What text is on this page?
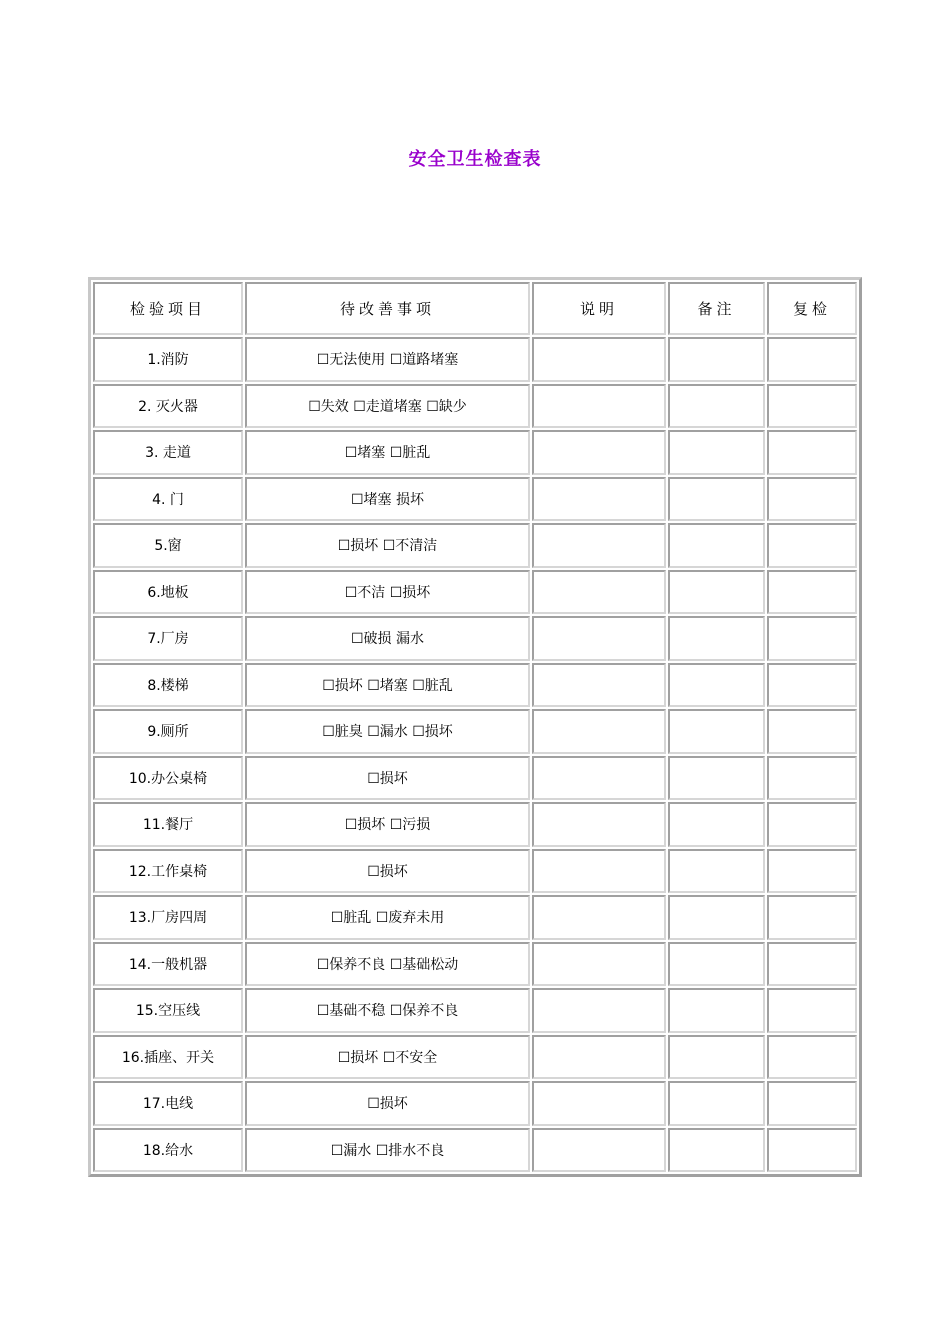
安全卫生检查表
检验项目	待改善事项	说明	备注	复检
1.消防	☐无法使用 ☐道路堵塞			
2. 灭火器	☐失效 ☐走道堵塞 ☐缺少			
3. 走道	☐堵塞 ☐脏乱			
4. 门	☐堵塞 损坏			
5.窗	☐损坏 ☐不清洁			
6.地板	☐不洁 ☐损坏			
7.厂房	☐破损 漏水			
8.楼梯	☐损坏 ☐堵塞 ☐脏乱			
9.厕所	☐脏臭 ☐漏水 ☐损坏			
10.办公桌椅	☐损坏			
11.餐厅	☐损坏 ☐污损			
12.工作桌椅	☐损坏			
13.厂房四周	☐脏乱 ☐废弃未用			
14.一般机器	☐保养不良 ☐基础松动			
15.空压线	☐基础不稳 ☐保养不良			
16.插座、开关	☐损坏 ☐不安全			
17.电线	☐损坏			
18.给水	☐漏水 ☐排水不良			
